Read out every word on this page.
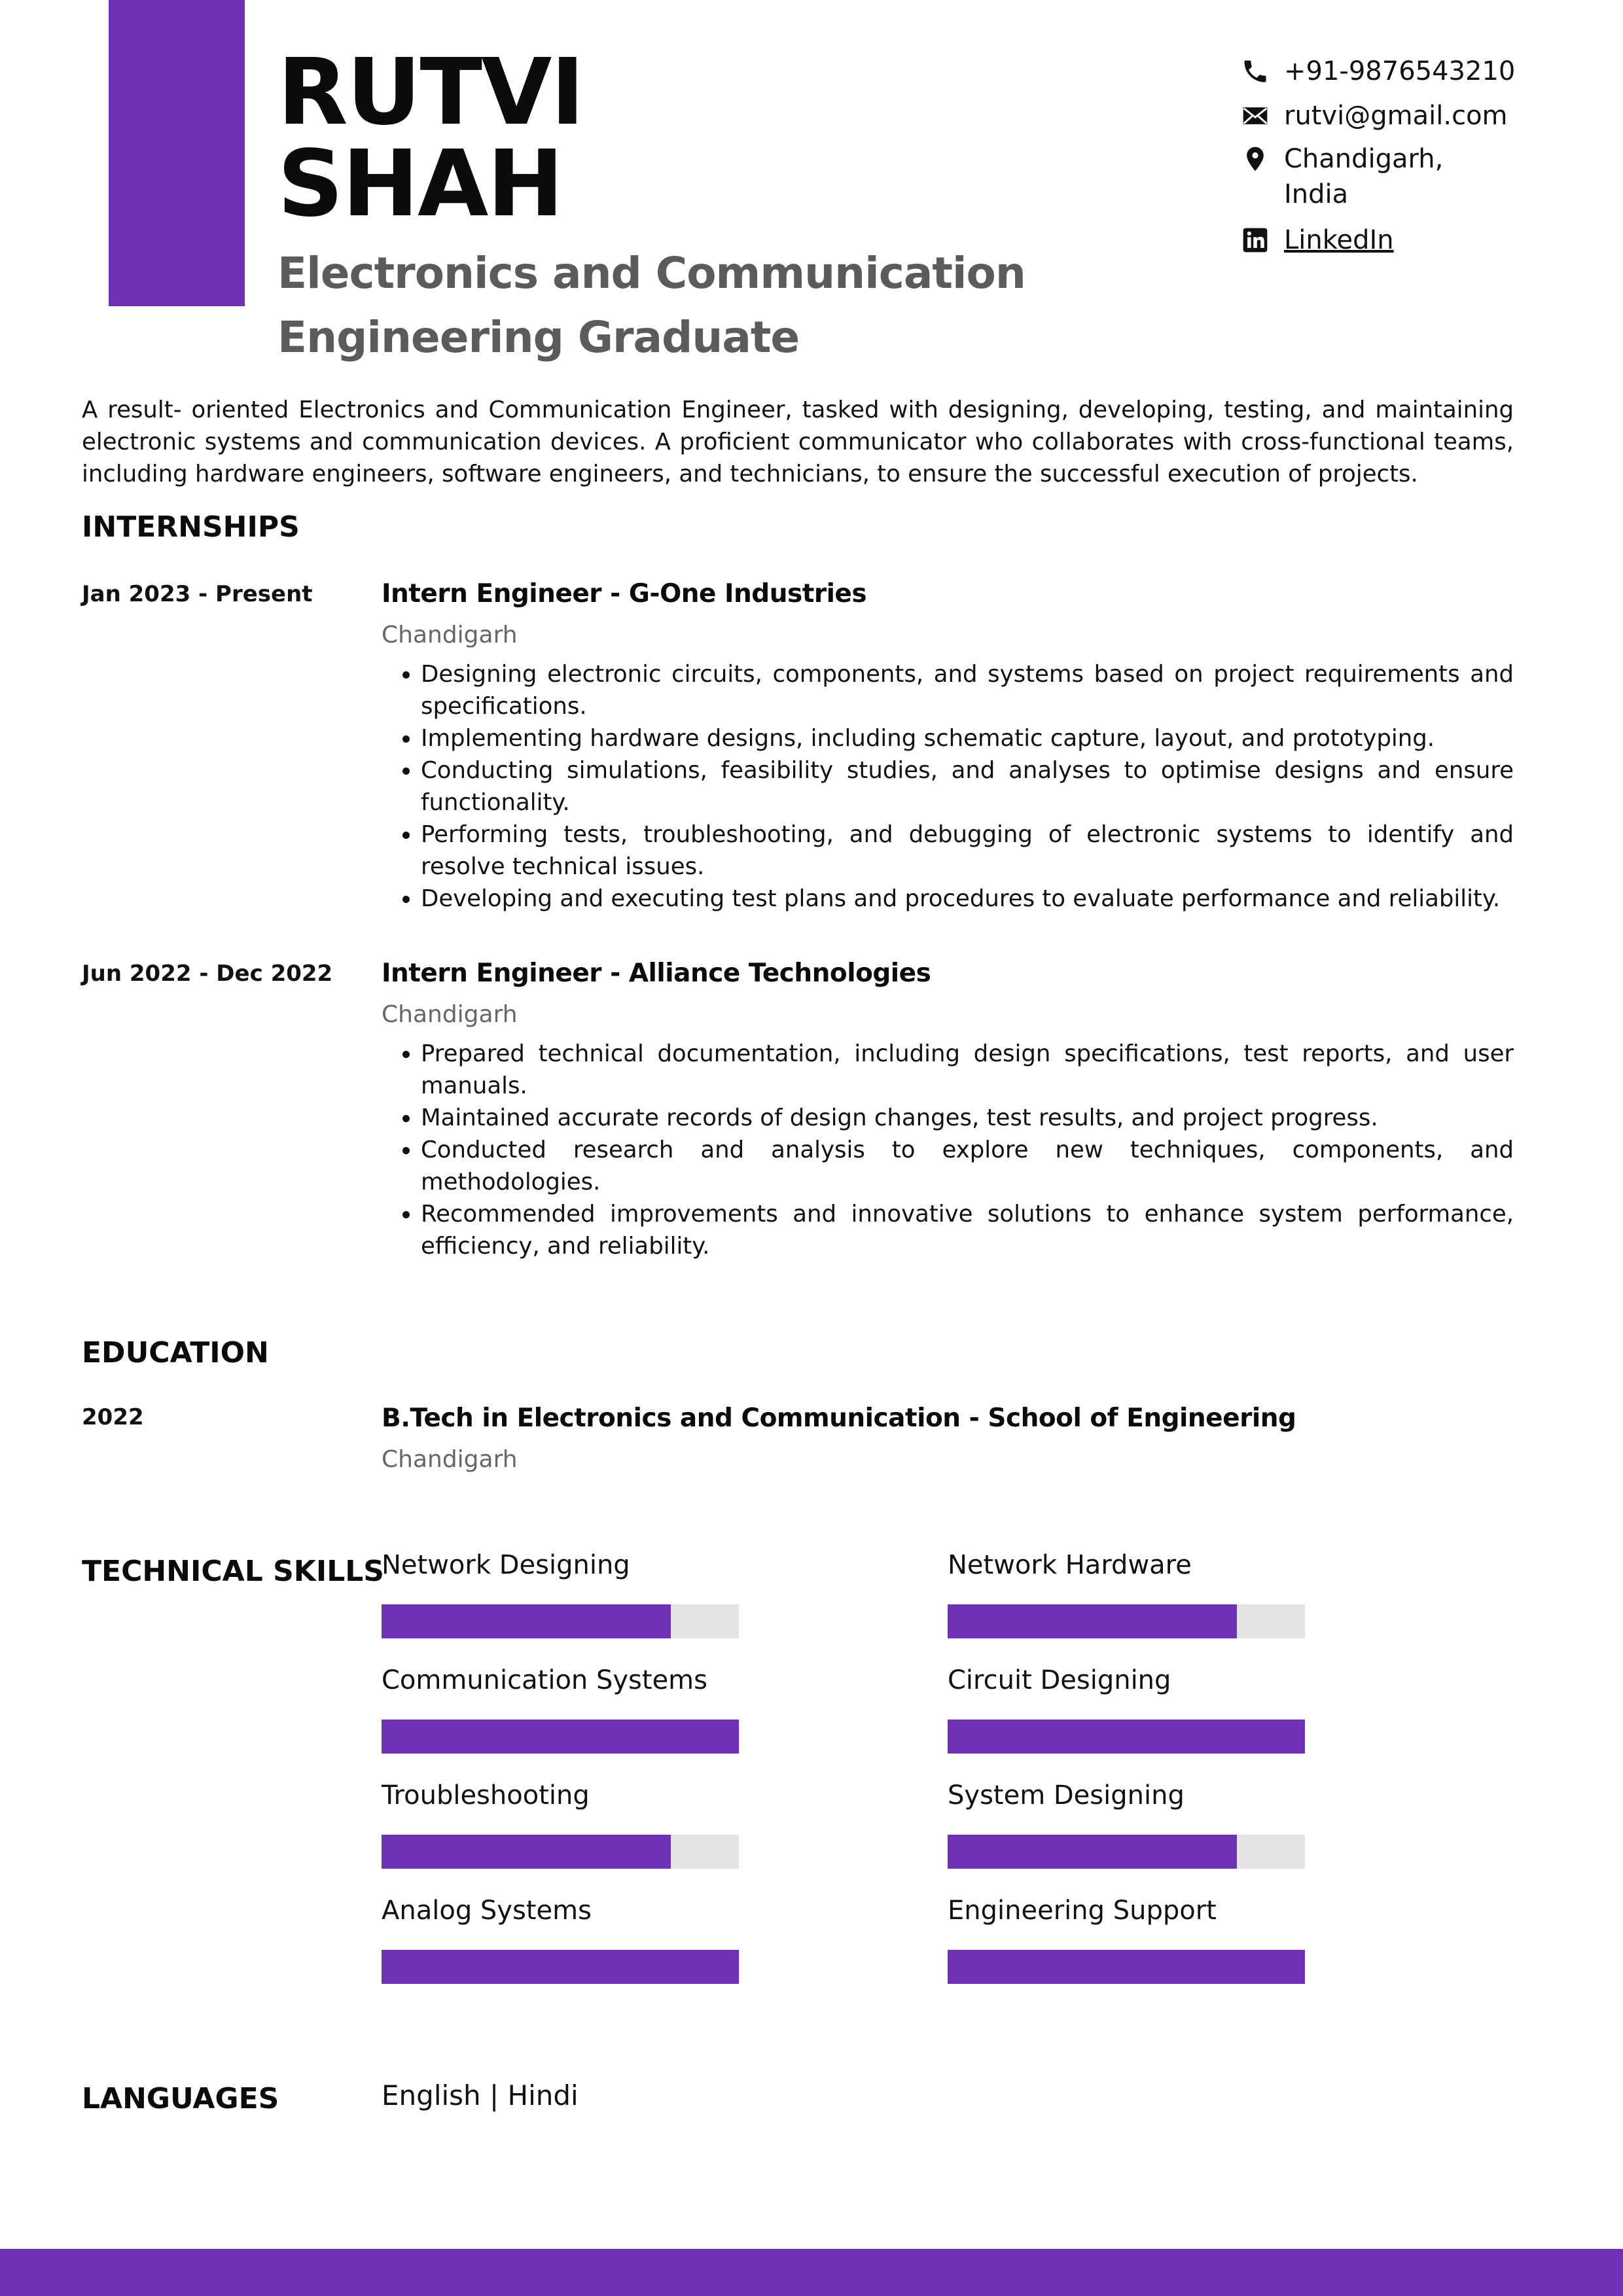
RUTVI
SHAH
Electronics and Communication
Engineering Graduate
+91-9876543210
rutvi@gmail.com
Chandigarh,
India
LinkedIn
A result- oriented Electronics and Communication Engineer, tasked with designing, developing, testing, and maintaining electronic systems and communication devices. A proficient communicator who collaborates with cross-functional teams, including hardware engineers, software engineers, and technicians, to ensure the successful execution of projects.
INTERNSHIPS
Jan 2023 - Present	Intern Engineer - G-One Industries
Chandigarh
• Designing electronic circuits, components, and systems based on project requirements and specifications.
• Implementing hardware designs, including schematic capture, layout, and prototyping.
• Conducting simulations, feasibility studies, and analyses to optimise designs and ensure functionality.
• Performing tests, troubleshooting, and debugging of electronic systems to identify and resolve technical issues.
• Developing and executing test plans and procedures to evaluate performance and reliability.
Jun 2022 - Dec 2022 Intern Engineer - Alliance Technologies
Chandigarh
• Prepared technical documentation, including design specifications, test reports, and user manuals.
• Maintained accurate records of design changes, test results, and project progress.
• Conducted research and analysis to explore new techniques, components, and methodologies.
• Recommended improvements and innovative solutions to enhance system performance, efficiency, and reliability.
EDUCATION
2022	B.Tech in Electronics and Communication - School of Engineering
Chandigarh
TECHNICAL SKILLS
Network Designing	Network Hardware
Communication Systems	Circuit Designing
Troubleshooting	System Designing
Analog Systems	Engineering Support
LANGUAGES	English | Hindi
